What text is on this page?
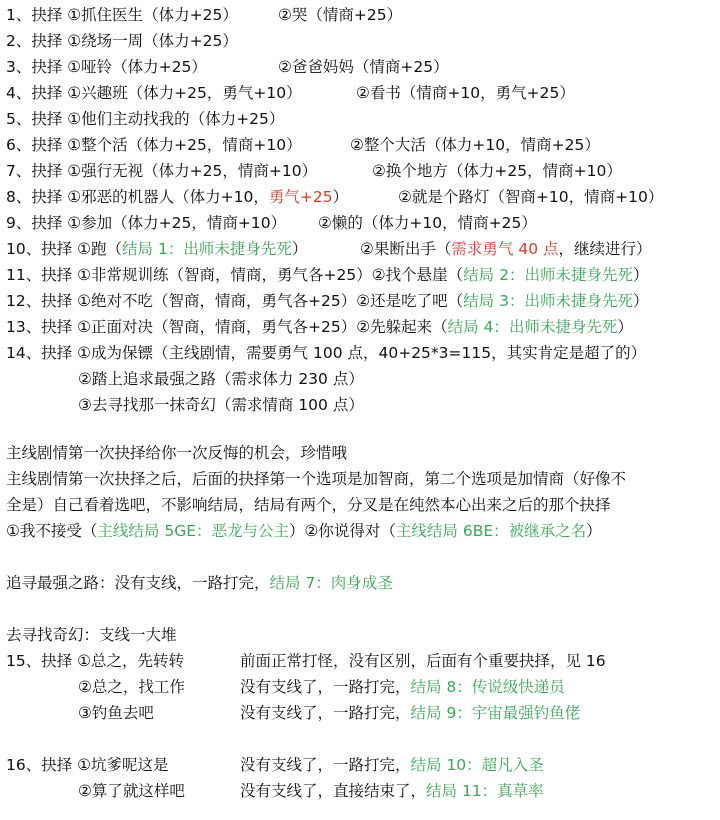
1、抉择 ①抓住医生（体力+25）	②哭（情商+25）
2、抉择 ①绕场一周（体力+25）
3、抉择 ①哑铃（体力+25）	②爸爸妈妈（情商+25）
4、抉择 ①兴趣班（体力+25，勇气+10）	②看书（情商+10，勇气+25）
5、抉择 ①他们主动找我的（体力+25）
6、抉择 ①整个活（体力+25，情商+10）	②整个大活（体力+10，情商+25）
7、抉择 ①强行无视（体力+25，情商+10）	②换个地方（体力+25，情商+10）
8、抉择 ①邪恶的机器人（体力+10，勇气+25）	②就是个路灯（智商+10，情商+10）
9、抉择 ①参加（体力+25，情商+10） ②懒的（体力+10，情商+25）
10、抉择 ①跑（结局 1：出师未捷身先死）	②果断出手（需求勇气 40 点，继续进行）
11、抉择 ①非常规训练（智商，情商，勇气各+25）②找个悬崖（结局 2：出师未捷身先死）
12、抉择 ①绝对不吃（智商，情商，勇气各+25）②还是吃了吧（结局 3：出师未捷身先死）
13、抉择 ①正面对决（智商，情商，勇气各+25）②先躲起来（结局 4：出师未捷身先死）
14、抉择 ①成为保镖（主线剧情，需要勇气 100 点，40+25*3=115，其实肯定是超了的）
②踏上追求最强之路（需求体力 230 点）
③去寻找那一抹奇幻（需求情商 100 点）
主线剧情第一次抉择给你一次反悔的机会，珍惜哦
主线剧情第一次抉择之后，后面的抉择第一个选项是加智商，第二个选项是加情商（好像不
全是）自己看着选吧，不影响结局，结局有两个，分叉是在纯然本心出来之后的那个抉择
①我不接受（主线结局 5GE：恶龙与公主）②你说得对（主线结局 6BE：被继承之名）
追寻最强之路：没有支线，一路打完，结局 7：肉身成圣
去寻找奇幻：支线一大堆
15、抉择 ①总之，先转转	前面正常打怪，没有区别，后面有个重要抉择，见 16
②总之，找工作	没有支线了，一路打完，结局 8：传说级快递员
③钓鱼去吧	没有支线了，一路打完，结局 9：宇宙最强钓鱼佬
16、抉择 ①坑爹呢这是	没有支线了，一路打完，结局 10：超凡入圣
②算了就这样吧	没有支线了，直接结束了，结局 11：真草率
